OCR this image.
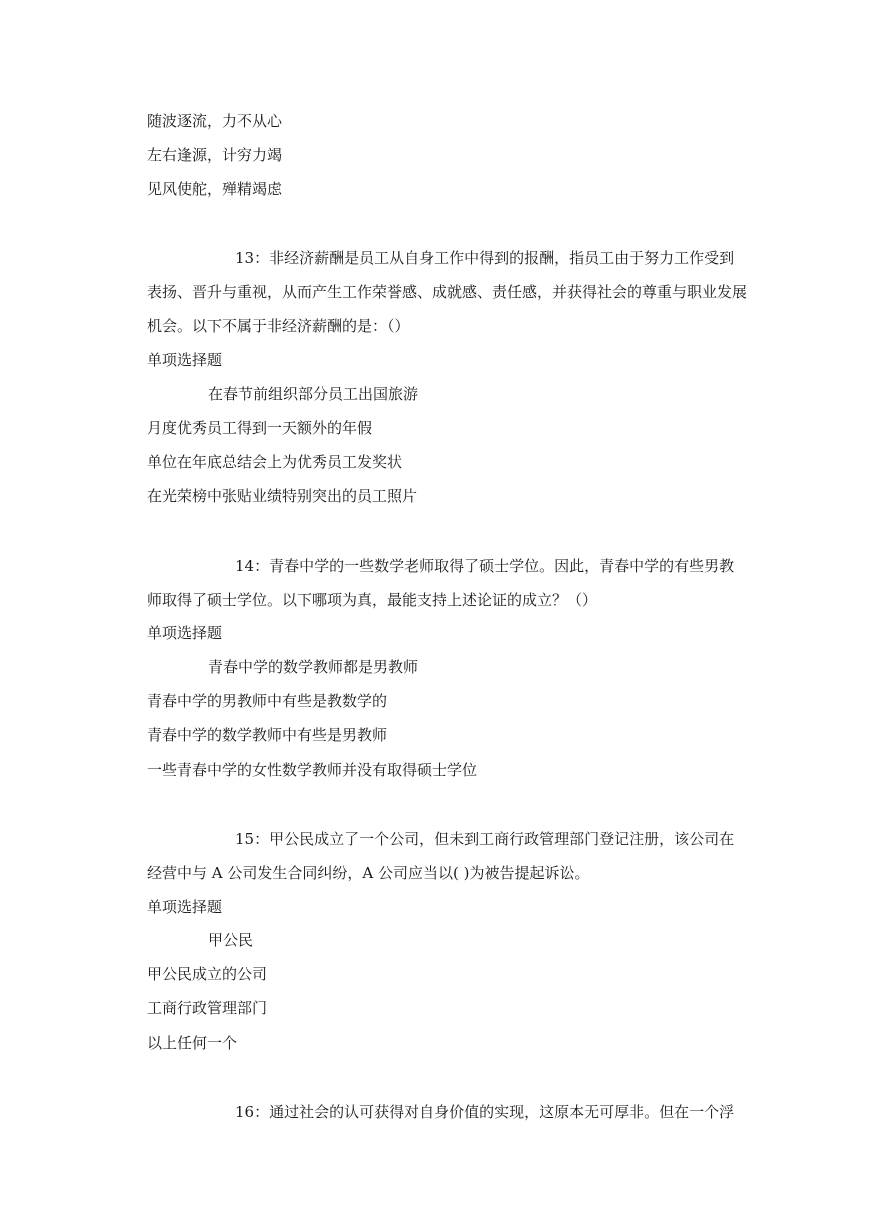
随波逐流，力不从心
左右逢源，计穷力竭
见风使舵，殚精竭虑
13：非经济薪酬是员工从自身工作中得到的报酬，指员工由于努力工作受到
表扬、晋升与重视，从而产生工作荣誉感、成就感、责任感，并获得社会的尊重与职业发展
机会。以下不属于非经济薪酬的是：（）
单项选择题
在春节前组织部分员工出国旅游
月度优秀员工得到一天额外的年假
单位在年底总结会上为优秀员工发奖状
在光荣榜中张贴业绩特别突出的员工照片
14：青春中学的一些数学老师取得了硕士学位。因此，青春中学的有些男教
师取得了硕士学位。以下哪项为真，最能支持上述论证的成立？（）
单项选择题
青春中学的数学教师都是男教师
青春中学的男教师中有些是教数学的
青春中学的数学教师中有些是男教师
一些青春中学的女性数学教师并没有取得硕士学位
15：甲公民成立了一个公司，但未到工商行政管理部门登记注册，该公司在
经营中与 A 公司发生合同纠纷，A 公司应当以( )为被告提起诉讼。
单项选择题
甲公民
甲公民成立的公司
工商行政管理部门
以上任何一个
16：通过社会的认可获得对自身价值的实现，这原本无可厚非。但在一个浮
